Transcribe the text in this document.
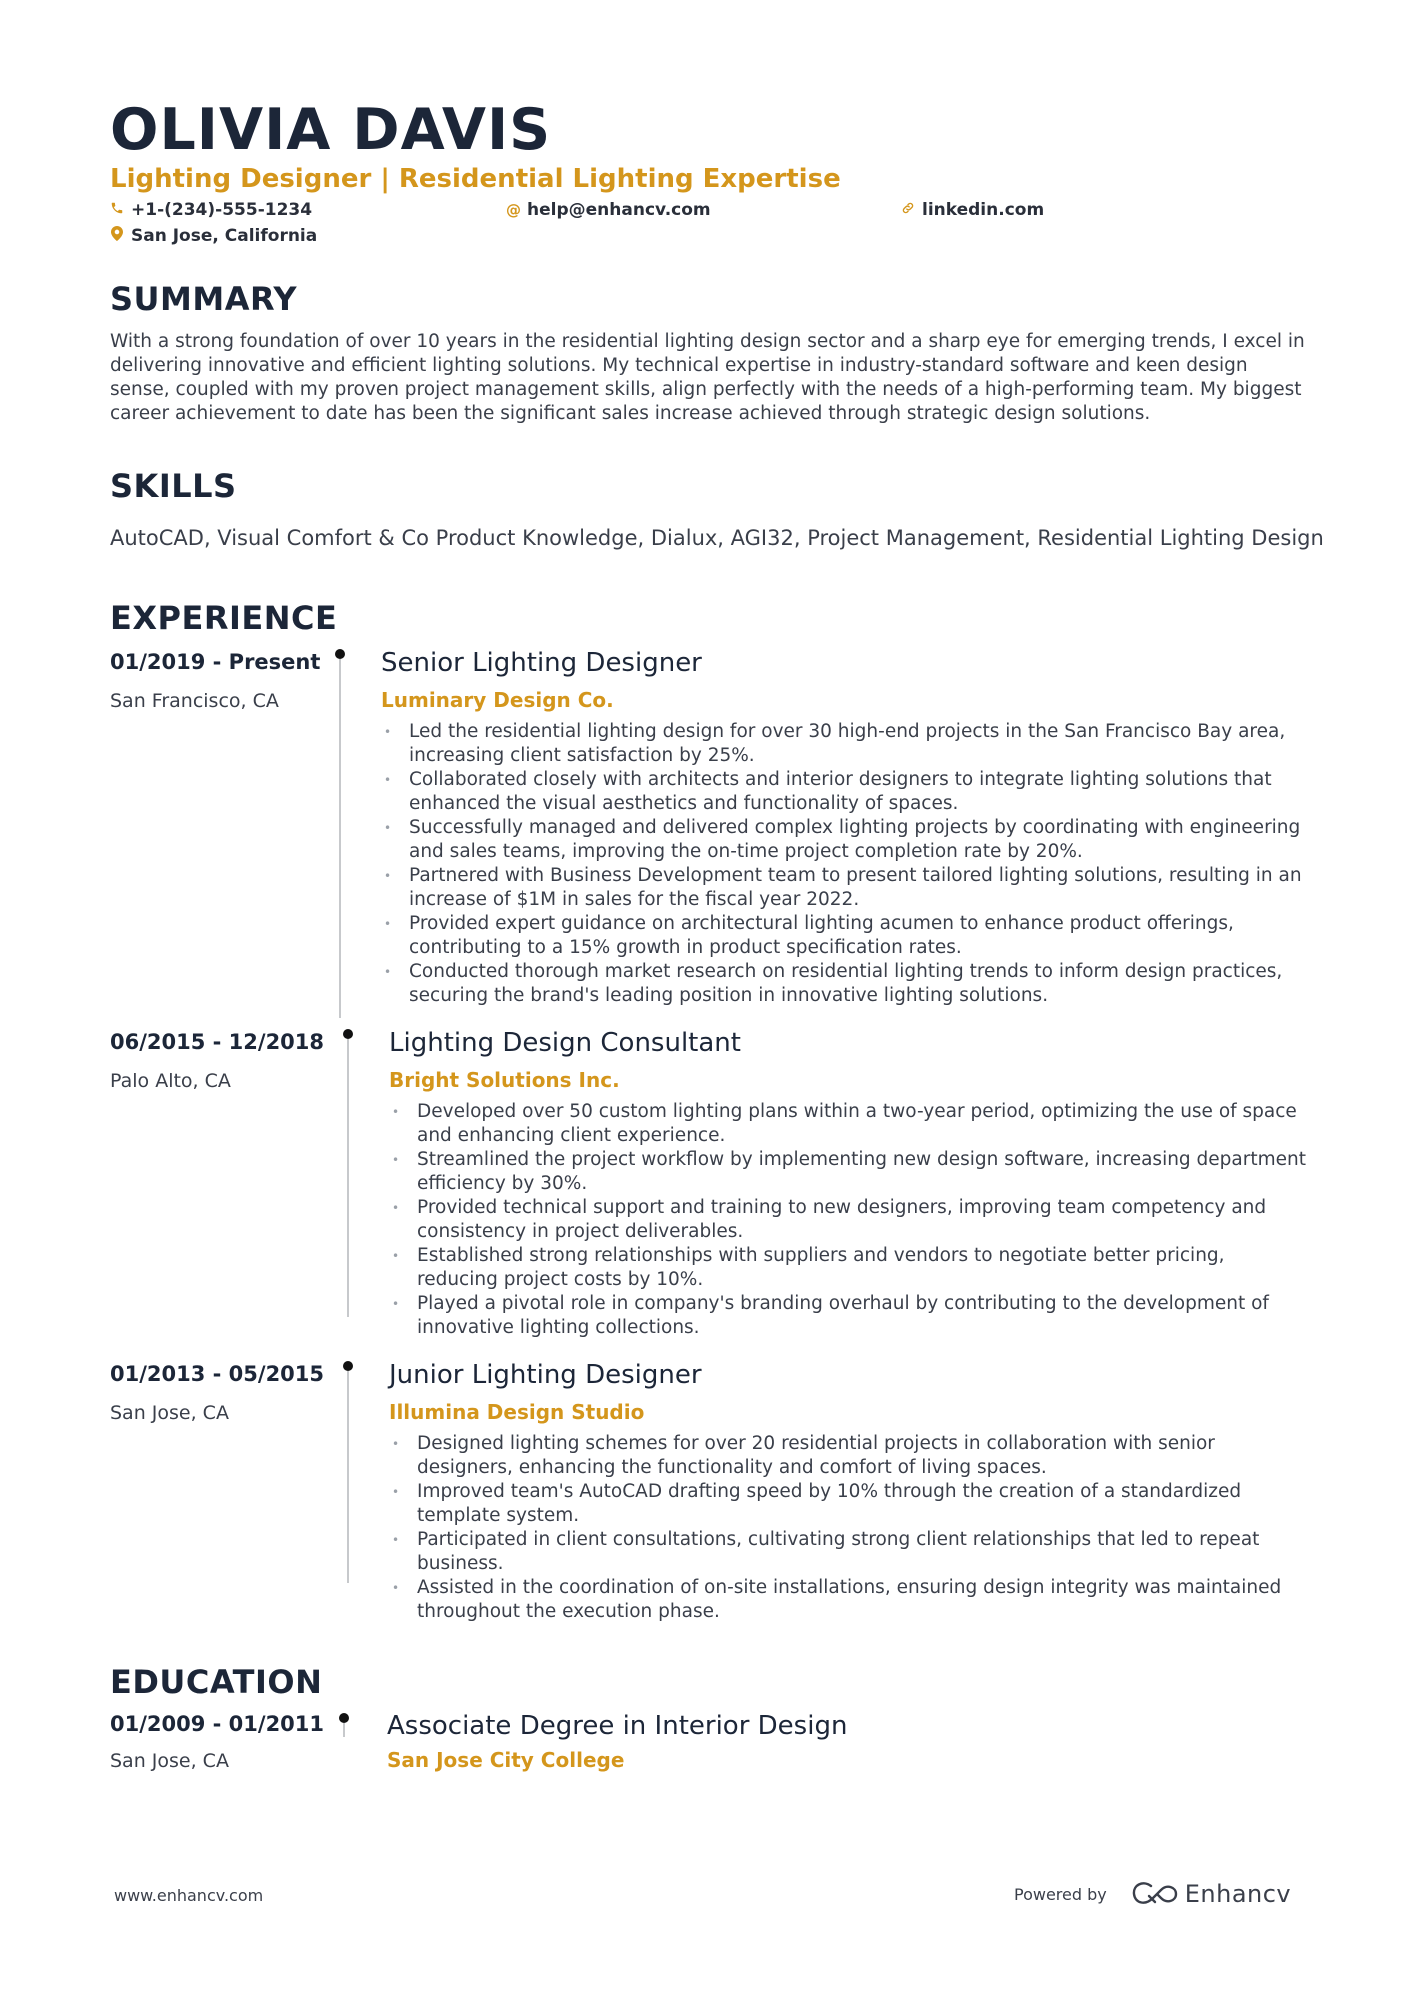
OLIVIA DAVIS
Lighting Designer | Residential Lighting Expertise
+1-(234)-555-1234	@ help@enhancv.com	linkedin.com
San Jose, California
SUMMARY

With a strong foundation of over 10 years in the residential lighting design sector and a sharp eye for emerging trends, I excel in delivering innovative and efficient lighting solutions. My technical expertise in industry-standard software and keen design sense, coupled with my proven project management skills, align perfectly with the needs of a high-performing team. My biggest career achievement to date has been the significant sales increase achieved through strategic design solutions.

SKILLS

AutoCAD, Visual Comfort & Co Product Knowledge, Dialux, AGI32, Project Management, Residential Lighting Design

EXPERIENCE
01/2019 - Present
San Francisco, CA
Senior Lighting Designer
Luminary Design Co.
• Led the residential lighting design for over 30 high-end projects in the San Francisco Bay area, increasing client satisfaction by 25%.
• Collaborated closely with architects and interior designers to integrate lighting solutions that enhanced the visual aesthetics and functionality of spaces.
• Successfully managed and delivered complex lighting projects by coordinating with engineering and sales teams, improving the on-time project completion rate by 20%.
• Partnered with Business Development team to present tailored lighting solutions, resulting in an increase of $1M in sales for the fiscal year 2022.
• Provided expert guidance on architectural lighting acumen to enhance product offerings, contributing to a 15% growth in product specification rates.
• Conducted thorough market research on residential lighting trends to inform design practices, securing the brand's leading position in innovative lighting solutions.
06/2015 - 12/2018
Palo Alto, CA
Lighting Design Consultant
Bright Solutions Inc.
• Developed over 50 custom lighting plans within a two-year period, optimizing the use of space and enhancing client experience.
• Streamlined the project workflow by implementing new design software, increasing department efficiency by 30%.
• Provided technical support and training to new designers, improving team competency and consistency in project deliverables.
• Established strong relationships with suppliers and vendors to negotiate better pricing, reducing project costs by 10%.
• Played a pivotal role in company's branding overhaul by contributing to the development of innovative lighting collections.
01/2013 - 05/2015
San Jose, CA
Junior Lighting Designer
Illumina Design Studio
• Designed lighting schemes for over 20 residential projects in collaboration with senior designers, enhancing the functionality and comfort of living spaces.
• Improved team's AutoCAD drafting speed by 10% through the creation of a standardized template system.
• Participated in client consultations, cultivating strong client relationships that led to repeat business.
• Assisted in the coordination of on-site installations, ensuring design integrity was maintained throughout the execution phase.
EDUCATION
01/2009 - 01/2011
San Jose, CA
Associate Degree in Interior Design
San Jose City College
www.enhancv.com	Powered by	Enhancv
